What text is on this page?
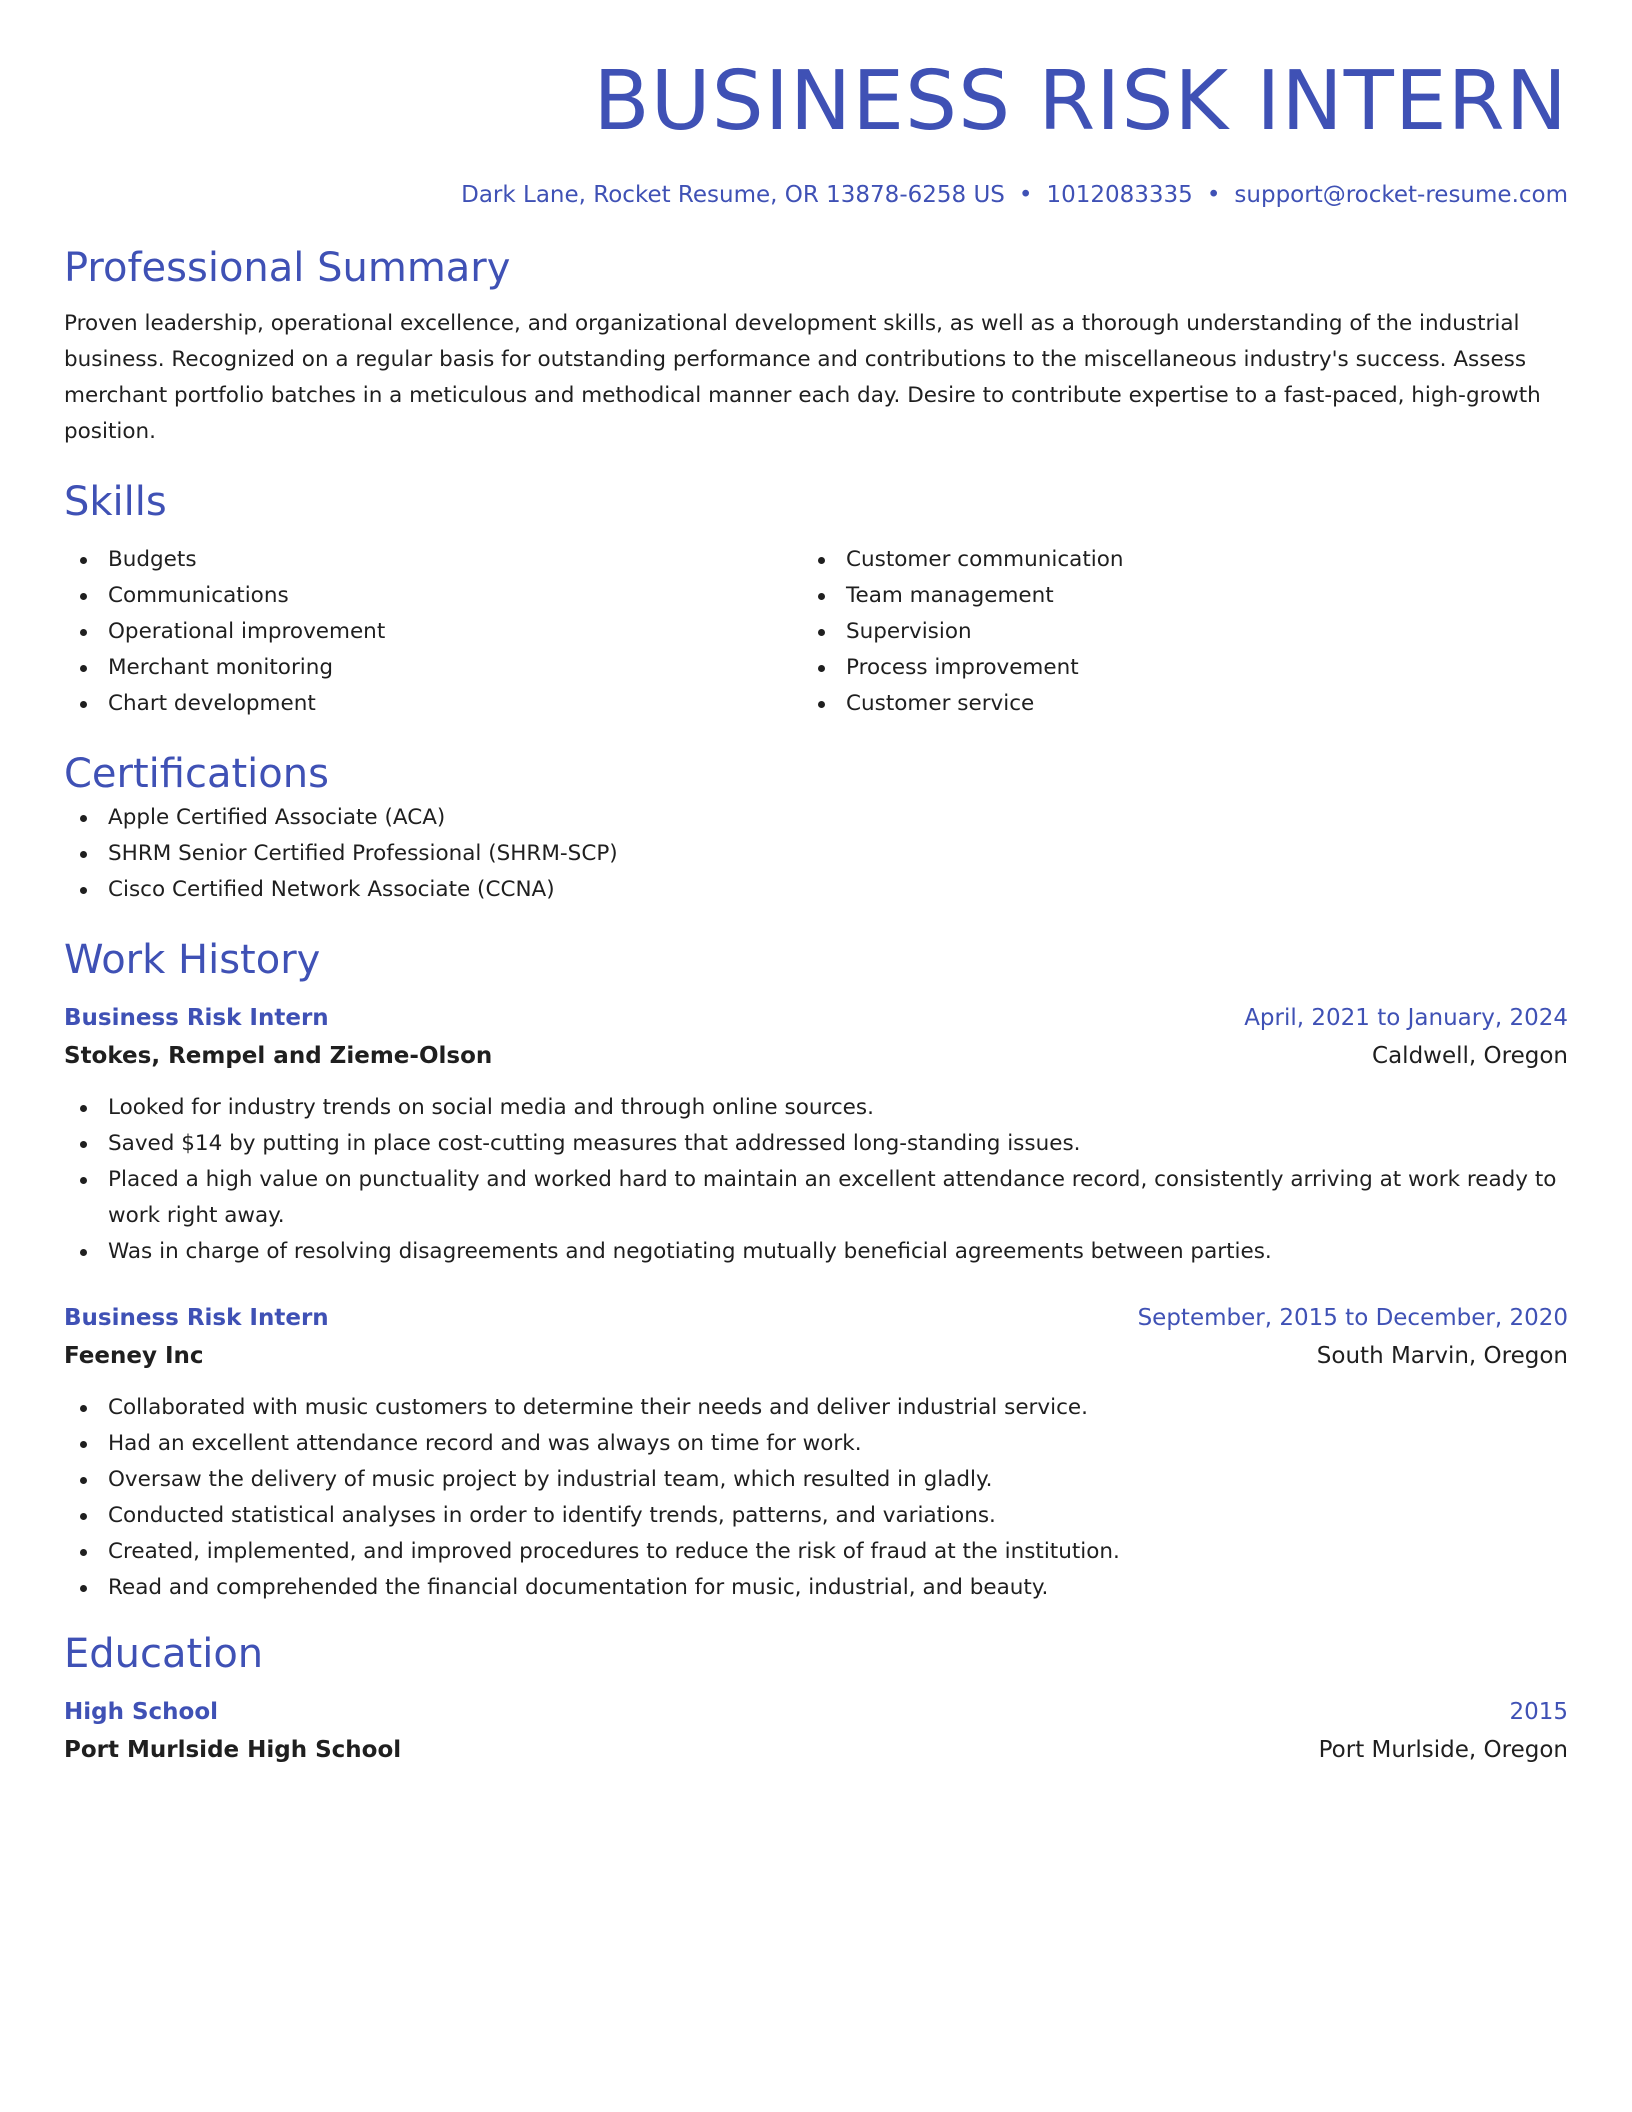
BUSINESS RISK INTERN
Dark Lane, Rocket Resume, OR 13878-6258 US • 1012083335 • support@rocket-resume.com
Professional Summary

Proven leadership, operational excellence, and organizational development skills, as well as a thorough understanding of the industrial business. Recognized on a regular basis for outstanding performance and contributions to the miscellaneous industry's success. Assess merchant portfolio batches in a meticulous and methodical manner each day. Desire to contribute expertise to a fast-paced, high-growth position.

Skills
Budgets
Communications
Operational improvement
Merchant monitoring
Chart development
Customer communication
Team management
Supervision
Process improvement
Customer service
Certifications
Apple Certified Associate (ACA)
SHRM Senior Certified Professional (SHRM-SCP)
Cisco Certified Network Associate (CCNA)
Work History
Business Risk Intern	April, 2021 to January, 2024
Stokes, Rempel and Zieme-Olson	Caldwell, Oregon
Looked for industry trends on social media and through online sources.
Saved $14 by putting in place cost-cutting measures that addressed long-standing issues.
Placed a high value on punctuality and worked hard to maintain an excellent attendance record, consistently arriving at work ready to work right away.
Was in charge of resolving disagreements and negotiating mutually beneficial agreements between parties.
Business Risk Intern	September, 2015 to December, 2020
Feeney Inc	South Marvin, Oregon
Collaborated with music customers to determine their needs and deliver industrial service.
Had an excellent attendance record and was always on time for work.
Oversaw the delivery of music project by industrial team, which resulted in gladly.
Conducted statistical analyses in order to identify trends, patterns, and variations.
Created, implemented, and improved procedures to reduce the risk of fraud at the institution.
Read and comprehended the financial documentation for music, industrial, and beauty.
Education
High School	2015
Port Murlside High School	Port Murlside, Oregon
